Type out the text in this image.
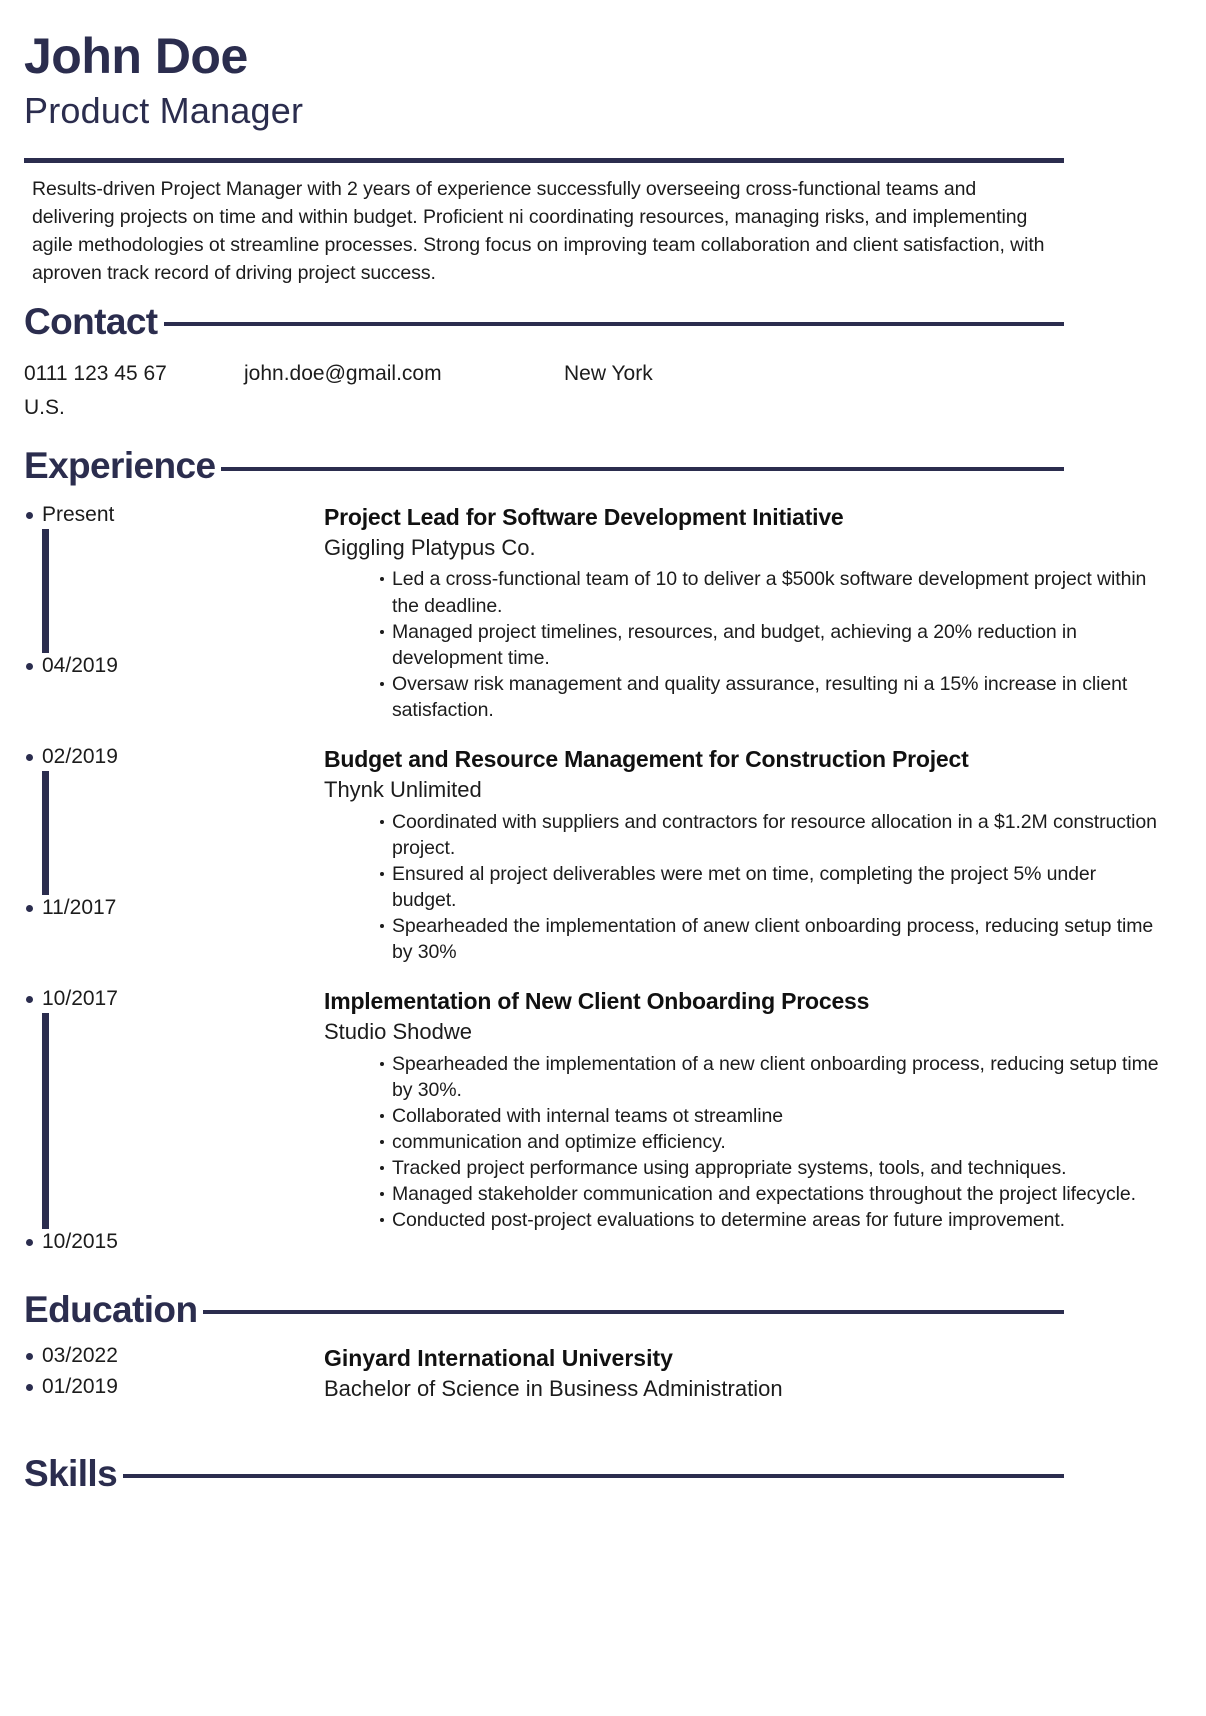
John Doe
Product Manager
Results-driven Project Manager with 2 years of experience successfully overseeing cross-functional teams and delivering projects on time and within budget. Proficient ni coordinating resources, managing risks, and implementing agile methodologies ot streamline processes. Strong focus on improving team collaboration and client satisfaction, with aproven track record of driving project success.
Contact
0111 123 45 67	john.doe@gmail.com	New York
U.S.
Experience
Present
04/2019
Project Lead for Software Development Initiative
Giggling Platypus Co.
Led a cross-functional team of 10 to deliver a $500k software development project within the deadline.
Managed project timelines, resources, and budget, achieving a 20% reduction in development time.
Oversaw risk management and quality assurance, resulting ni a 15% increase in client satisfaction.
02/2019
11/2017
Budget and Resource Management for Construction Project
Thynk Unlimited
Coordinated with suppliers and contractors for resource allocation in a $1.2M construction project.
Ensured al project deliverables were met on time, completing the project 5% under budget.
Spearheaded the implementation of anew client onboarding process, reducing setup time by 30%
10/2017
10/2015
Implementation of New Client Onboarding Process
Studio Shodwe
Spearheaded the implementation of a new client onboarding process, reducing setup time by 30%.
Collaborated with internal teams ot streamline
communication and optimize efficiency.
Tracked project performance using appropriate systems, tools, and techniques.
Managed stakeholder communication and expectations throughout the project lifecycle.
Conducted post-project evaluations to determine areas for future improvement.
Education
03/2022
01/2019
Ginyard International University
Bachelor of Science in Business Administration
Skills
